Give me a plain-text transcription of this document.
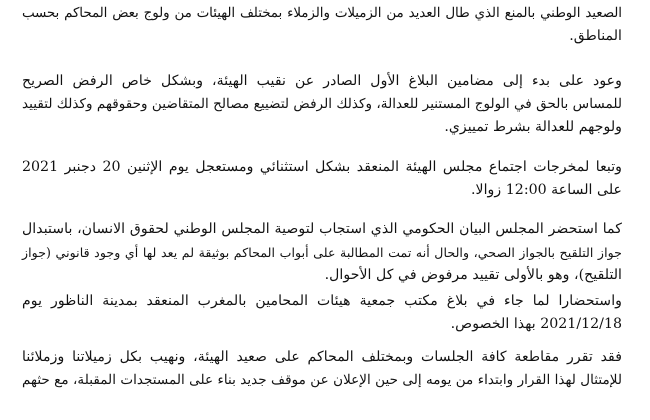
الصعيد الوطني بالمنع الذي طال العديد من الزميلات والزملاء بمختلف الهيئات من ولوج بعض المحاكم بحسب
المناطق.
وعود على بدء إلى مضامين البلاغ الأول الصادر عن نقيب الهيئة، وبشكل خاص الرفض الصريح
للمساس بالحق في الولوج المستنير للعدالة، وكذلك الرفض لتضييع مصالح المتقاضين وحقوقهم وكذلك لتقييد
ولوجهم للعدالة بشرط تمييزي.
وتبعا لمخرجات اجتماع مجلس الهيئة المنعقد بشكل استثنائي ومستعجل يوم الإثنين 20 دجنبر 2021
على الساعة 12:00 زوالا.
كما استحضر المجلس البيان الحكومي الذي استجاب لتوصية المجلس الوطني لحقوق الانسان، باستبدال
جواز التلقيح بالجواز الصحي، والحال أنه تمت المطالبة على أبواب المحاكم بوثيقة لم يعد لها أي وجود قانوني (جواز
التلقيح)، وهو بالأولى تقييد مرفوض في كل الأحوال.
واستحضارا لما جاء في بلاغ مكتب جمعية هيئات المحامين بالمغرب المنعقد بمدينة الناظور يوم
2021/12/18 بهذا الخصوص.
فقد تقرر مقاطعة كافة الجلسات وبمختلف المحاكم على صعيد الهيئة، ونهيب بكل زميلاتنا وزملائنا
للإمتثال لهذا القرار وابتداء من يومه إلى حين الإعلان عن موقف جديد بناء على المستجدات المقبلة، مع حثهم
